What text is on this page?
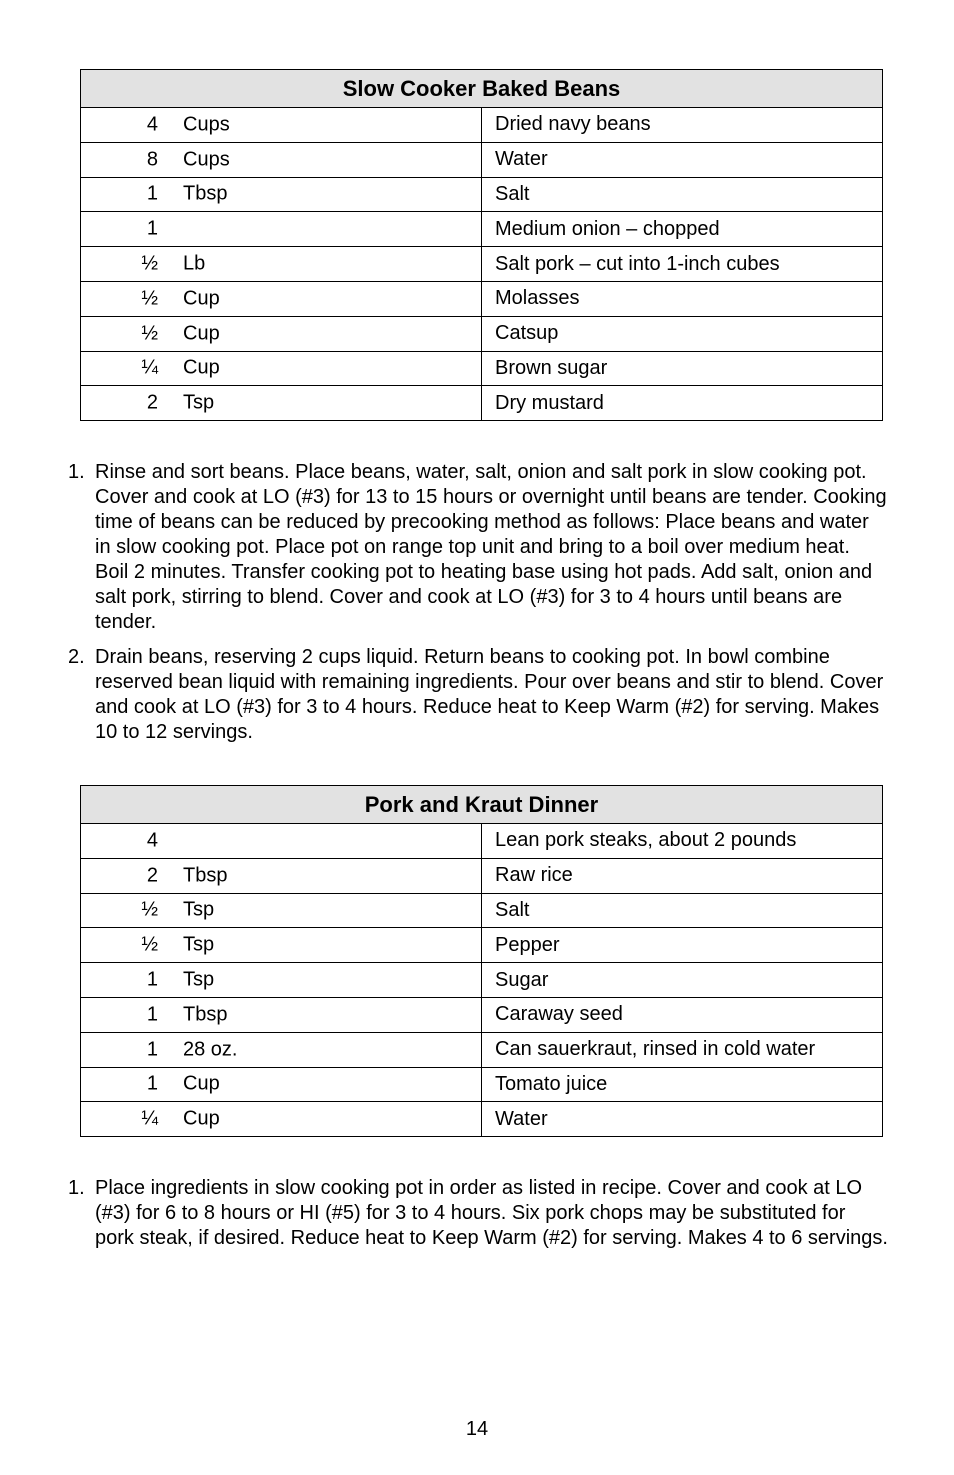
Slow Cooker Baked Beans	

4 Cups	Dried navy beans

8 Cups	Water

1 Tbsp	Salt

1	Medium onion – chopped

½ Lb	Salt pork – cut into 1-inch cubes

½ Cup	Molasses

½ Cup	Catsup

¼ Cup	Brown sugar

2 Tsp	Dry mustard
1. Rinse and sort beans. Place beans, water, salt, onion and salt pork in slow cooking pot. Cover and cook at LO (#3) for 13 to 15 hours or overnight until beans are tender. Cooking time of beans can be reduced by precooking method as follows: Place beans and water in slow cooking pot. Place pot on range top unit and bring to a boil over medium heat. Boil 2 minutes. Transfer cooking pot to heating base using hot pads. Add salt, onion and salt pork, stirring to blend. Cover and cook at LO (#3) for 3 to 4 hours until beans are tender.
2. Drain beans, reserving 2 cups liquid. Return beans to cooking pot. In bowl combine reserved bean liquid with remaining ingredients. Pour over beans and stir to blend. Cover and cook at LO (#3) for 3 to 4 hours. Reduce heat to Keep Warm (#2) for serving. Makes 10 to 12 servings.
Pork and Kraut Dinner	

4	Lean pork steaks, about 2 pounds

2 Tbsp	Raw rice

½ Tsp	Salt

½ Tsp	Pepper

1 Tsp	Sugar

1 Tbsp	Caraway seed

1 28 oz.	Can sauerkraut, rinsed in cold water

1 Cup	Tomato juice

¼ Cup	Water
1. Place ingredients in slow cooking pot in order as listed in recipe. Cover and cook at LO (#3) for 6 to 8 hours or HI (#5) for 3 to 4 hours. Six pork chops may be substituted for pork steak, if desired. Reduce heat to Keep Warm (#2) for serving. Makes 4 to 6 servings.
14
